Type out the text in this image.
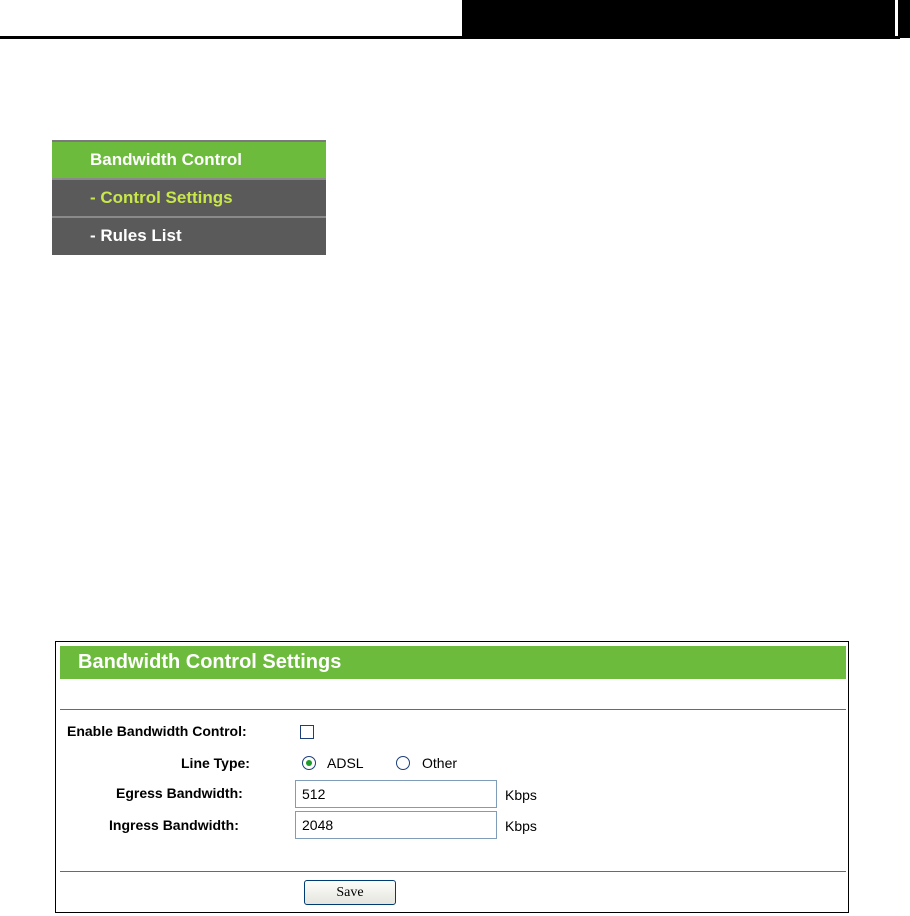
Bandwidth Control
- Control Settings
- Rules List
Bandwidth Control Settings
Enable Bandwidth Control:
Line Type:	ADSL	Other
Egress Bandwidth:	512	Kbps
Ingress Bandwidth:	2048	Kbps
Save
